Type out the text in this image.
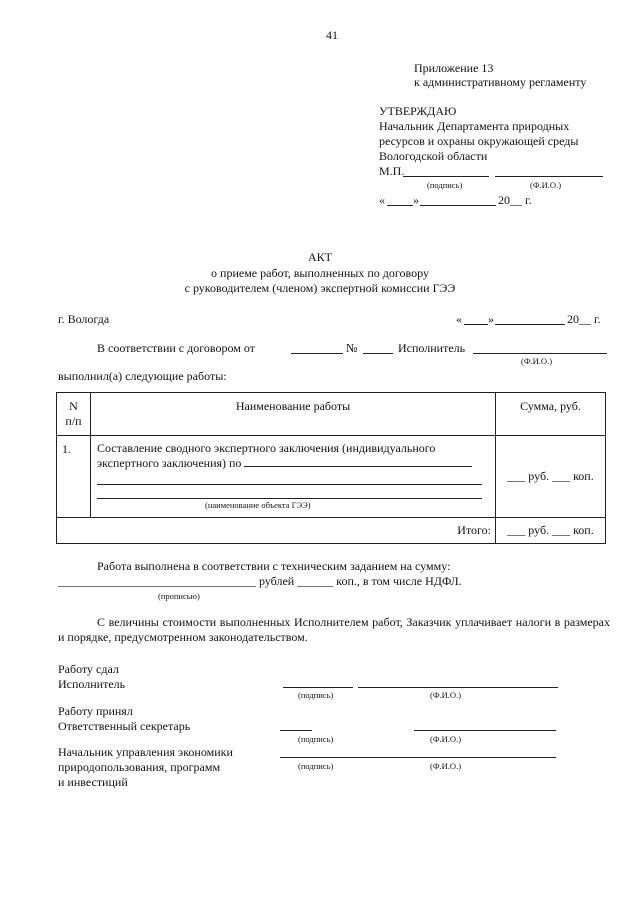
41
Приложение 13
к административному регламенту
УТВЕРЖДАЮ
Начальник Департамента природных
ресурсов и охраны окружающей среды
Вологодской области
М.П.
(подпись)	(Ф.И.О.)
« »	20__ г.
АКТ
о приеме работ, выполненных по договору
с руководителем (членом) экспертной комиссии ГЭЭ
г. Вологда	« »	20__ г.
В соответствии с договором от	№	Исполнитель
(Ф.И.О.)
выполнил(а) следующие работы:
N
п/п	Наименование работы	Сумма, руб.
1.	Составление сводного экспертного заключения (индивидуального
экспертного заключения) по
(наименование объекта ГЭЭ)	___ руб. ___ коп.
Итого:		___ руб. ___ коп.
Работа выполнена в соответствии с техническим заданием на сумму:
_________________________________ рублей ______ коп., в том числе НДФЛ.
(прописью)
С величины стоимости выполненных Исполнителем работ, Заказчик уплачивает налоги в размерах и порядке, предусмотренном законодательством.
Работу сдал
Исполнитель
(подпись)	(Ф.И.О.)
Работу принял
Ответственный секретарь
(подпись)	(Ф.И.О.)
Начальник управления экономики
природопользования, программ
и инвестиций
(подпись)	(Ф.И.О.)
